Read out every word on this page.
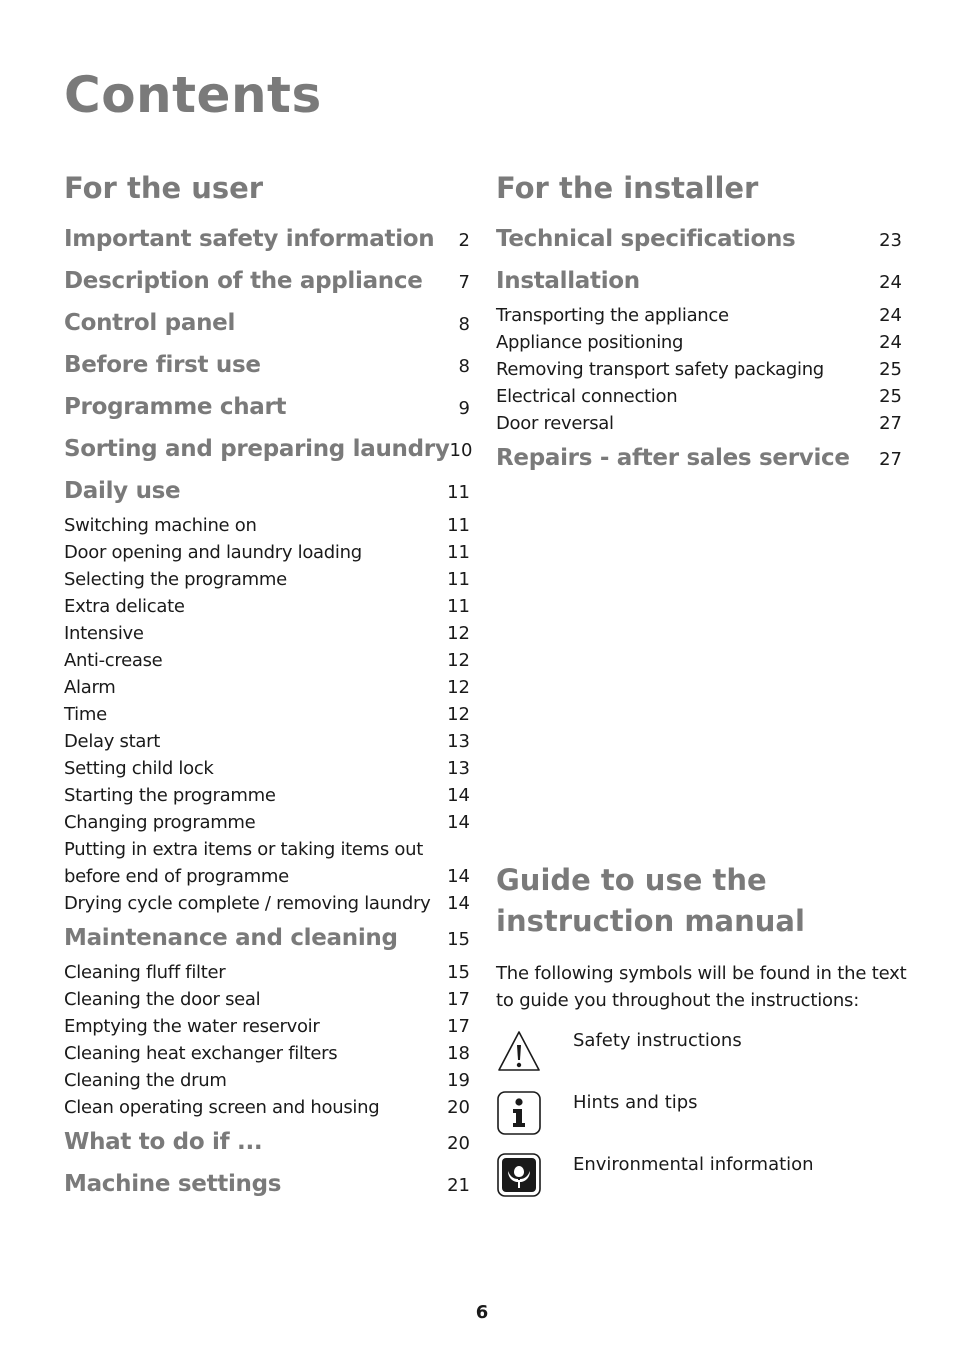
Contents
For the user
Important safety information 2
Description of the appliance 7
Control panel	8
Before first use	8
Programme chart	9
Sorting and preparing laundry 10
Daily use	11
Switching machine on	11
Door opening and laundry loading	11
Selecting the programme	11
Extra delicate	11
Intensive	12
Anti-crease	12
Alarm	12
Time	12
Delay start	13
Setting child lock	13
Starting the programme	14
Changing programme	14
Putting in extra items or taking items out before end of programme	14
Drying cycle complete / removing laundry 14
Maintenance and cleaning	15
Cleaning fluff filter	15
Cleaning the door seal	17
Emptying the water reservoir	17
Cleaning heat exchanger filters	18
Cleaning the drum	19
Clean operating screen and housing	20
What to do if ...	20
Machine settings	21
For the installer
Technical specifications	23
Installation	24
Transporting the appliance	24
Appliance positioning	24
Removing transport safety packaging	25
Electrical connection	25
Door reversal	27
Repairs - after sales service 27
Guide to use the
instruction manual
The following symbols will be found in the text to guide you throughout the instructions:
Safety instructions
Hints and tips
Environmental information
6
